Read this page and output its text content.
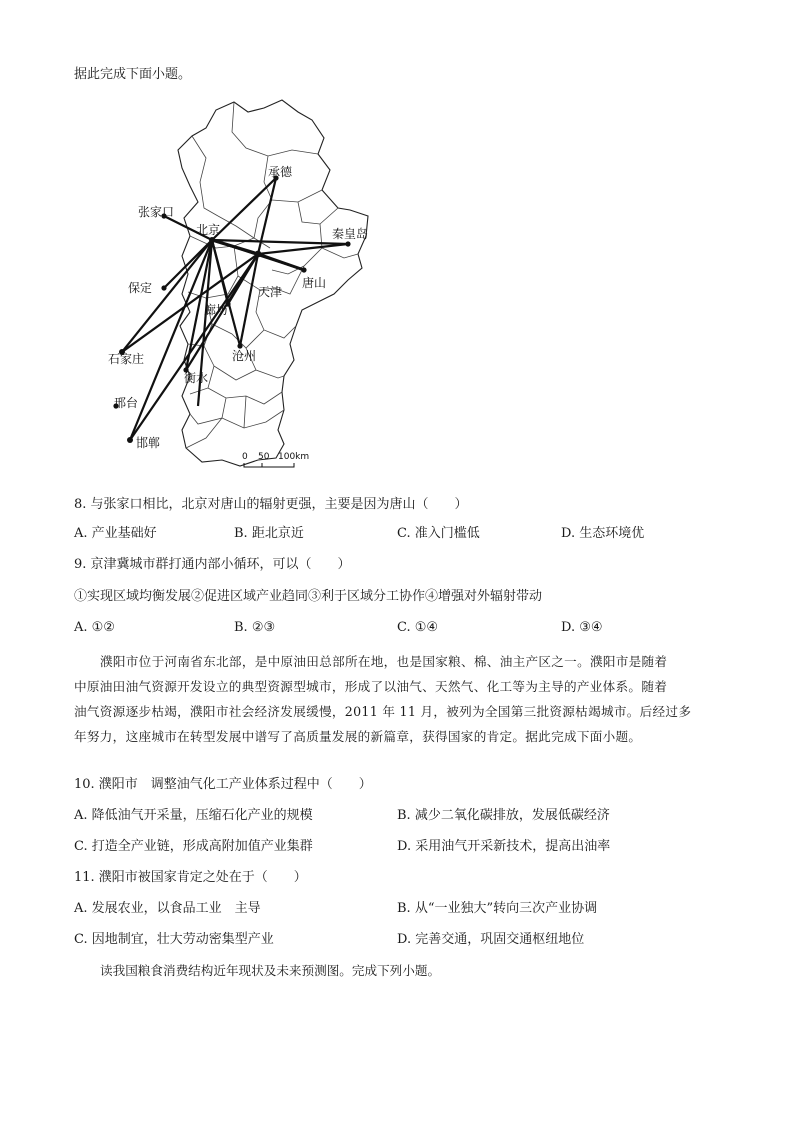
据此完成下面小题。
承德
张家口
北京	秦皇岛
天津
唐山
保定
廊坊
石家庄	沧州
衡水
邢台
邯郸
0 50 100km
8. 与张家口相比，北京对唐山的辐射更强，主要是因为唐山（　　）
A. 产业基础好	B. 距北京近	C. 准入门槛低	D. 生态环境优
9. 京津冀城市群打通内部小循环，可以（　　）
①实现区域均衡发展②促进区域产业趋同③利于区域分工协作④增强对外辐射带动
A. ①②	B. ②③	C. ①④	D. ③④
濮阳市位于河南省东北部，是中原油田总部所在地，也是国家粮、棉、油主产区之一。濮阳市是随着
中原油田油气资源开发设立的典型资源型城市，形成了以油气、天然气、化工等为主导的产业体系。随着
油气资源逐步枯竭，濮阳市社会经济发展缓慢，2011 年 11 月，被列为全国第三批资源枯竭城市。后经过多
年努力，这座城市在转型发展中谱写了高质量发展的新篇章，获得国家的肯定。据此完成下面小题。
10. 濮阳市　调整油气化工产业体系过程中（　　）
A. 降低油气开采量，压缩石化产业的规模	B. 减少二氧化碳排放，发展低碳经济
C. 打造全产业链，形成高附加值产业集群	D. 采用油气开采新技术，提高出油率
11. 濮阳市被国家肯定之处在于（　　）
A. 发展农业，以食品工业　主导	B. 从“一业独大”转向三次产业协调
C. 因地制宜，壮大劳动密集型产业	D. 完善交通，巩固交通枢纽地位
读我国粮食消费结构近年现状及未来预测图。完成下列小题。
